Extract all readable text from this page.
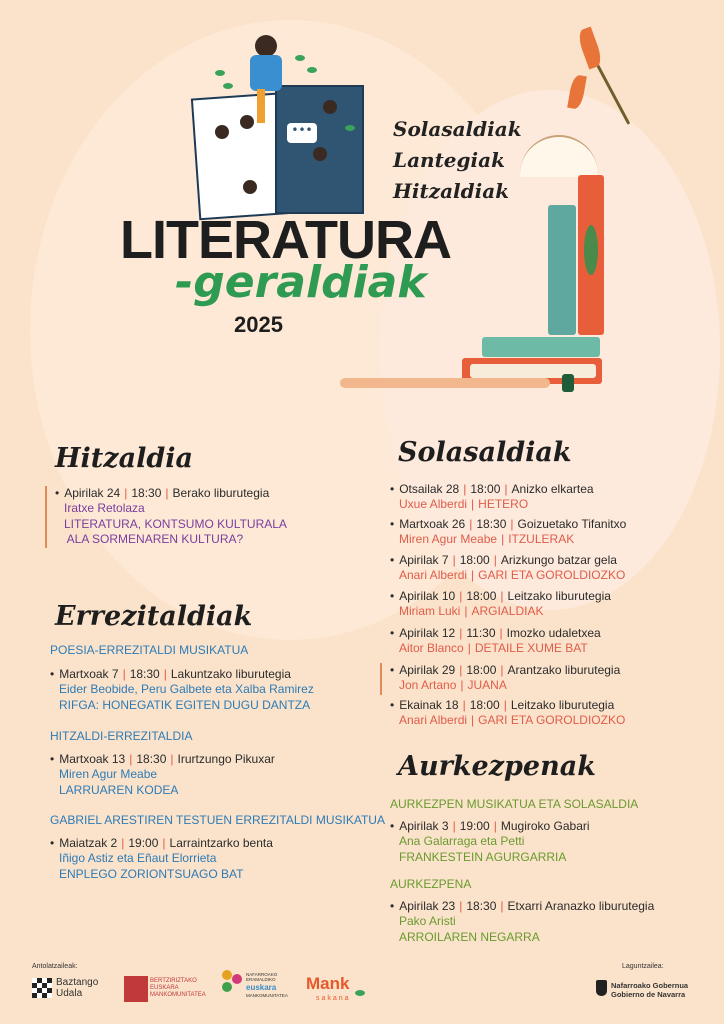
•••	Solasaldiak
Lantegiak
Hitzaldiak
LITERATURA
-geraldiak
2025
Hitzaldia
• Apirilak 24 | 18:30 | Berako liburutegia
Iratxe Retolaza
LITERATURA, KONTSUMO KULTURALA
ALA SORMENAREN KULTURA?
Errezitaldiak
POESIA-ERREZITALDI MUSIKATUA
• Martxoak 7 | 18:30 | Lakuntzako liburutegia
Eider Beobide, Peru Galbete eta Xalba Ramirez
RIFGA: HONEGATIK EGITEN DUGU DANTZA
HITZALDI-ERREZITALDIA
• Martxoak 13 | 18:30 | Irurtzungo Pikuxar
Miren Agur Meabe
LARRUAREN KODEA
GABRIEL ARESTIREN TESTUEN ERREZITALDI MUSIKATUA
• Maiatzak 2 | 19:00 | Larraintzarko benta
Iñigo Astiz eta Eñaut Elorrieta
ENPLEGO ZORIONTSUAGO BAT
Solasaldiak
• Otsailak 28 | 18:00 | Anizko elkartea
Uxue Alberdi | HETERO
• Martxoak 26 | 18:30 | Goizuetako Tifanitxo
Miren Agur Meabe | ITZULERAK
• Apirilak 7 | 18:00 | Arizkungo batzar gela
Anari Alberdi | GARI ETA GOROLDIOZKO
• Apirilak 10 | 18:00 | Leitzako liburutegia
Miriam Luki | ARGIALDIAK
• Apirilak 12 | 11:30 | Imozko udaletxea
Aitor Blanco | DETAILE XUME BAT
• Apirilak 29 | 18:00 | Arantzako liburutegia
Jon Artano | JUANA
• Ekainak 18 | 18:00 | Leitzako liburutegia
Anari Alberdi | GARI ETA GOROLDIOZKO
Aurkezpenak
AURKEZPEN MUSIKATUA ETA SOLASALDIA
• Apirilak 3 | 19:00 | Mugiroko Gabari
Ana Galarraga eta Petti
FRANKESTEIN AGURGARRIA
AURKEZPENA
• Apirilak 23 | 18:30 | Etxarri Aranazko liburutegia
Pako Aristi
ARROILAREN NEGARRA
Antolatzaileak:	Laguntzailea:
Baztango
Udala
BERTZIRIZTAKO
EUSKARA
MANKOMUNITATEA
NAFARROAKO
ERAMALDIKO
euskara
MANKOMUNITATEA
Mank
sakana
Nafarroako Gobernua
Gobierno de Navarra
